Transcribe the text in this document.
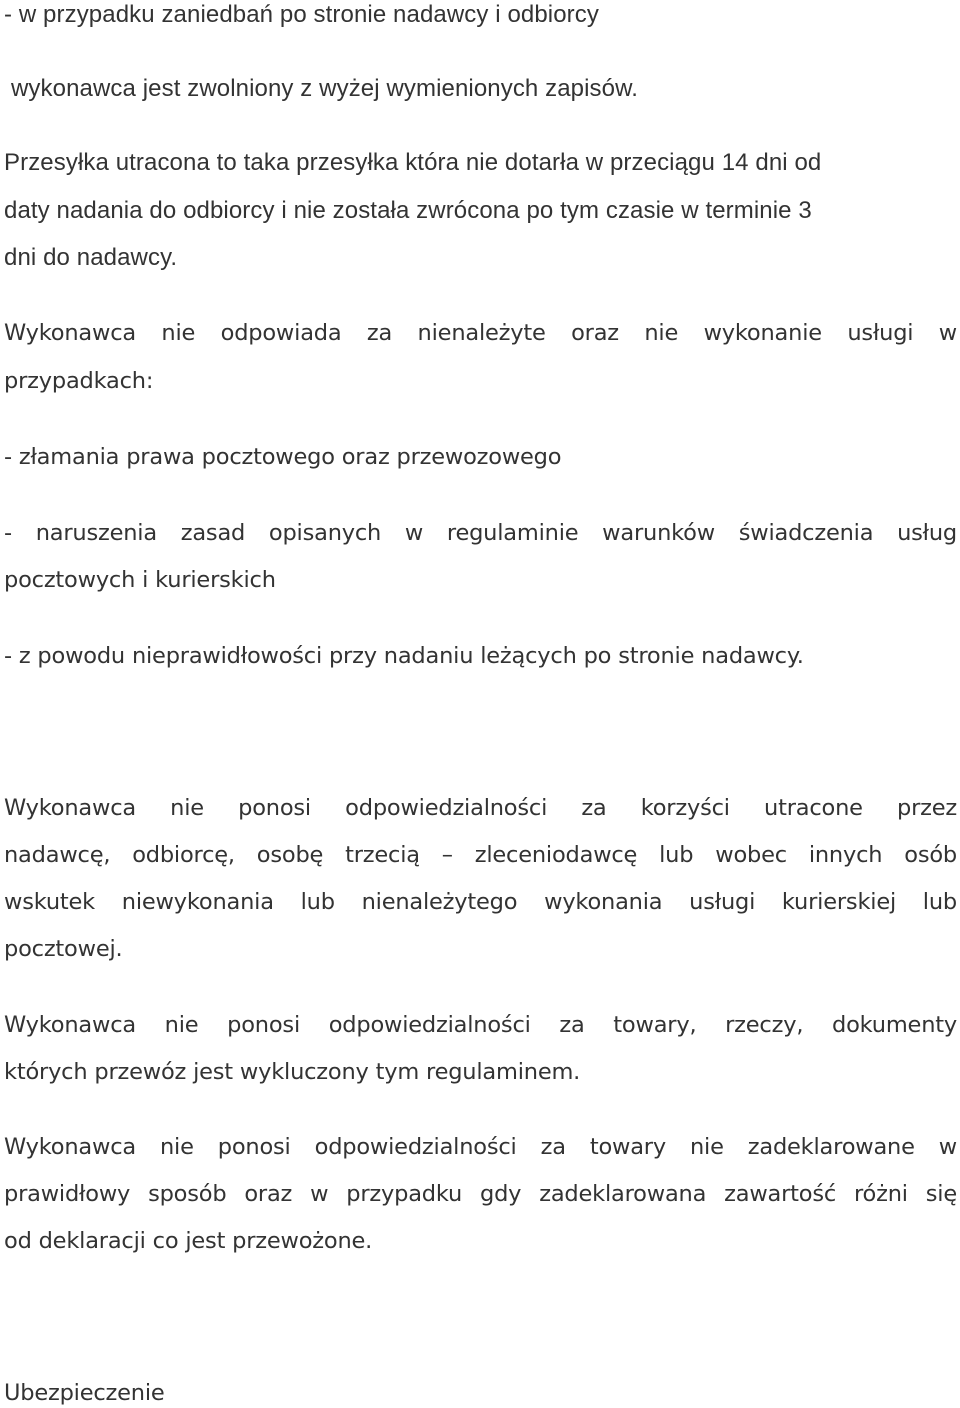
- w przypadku zaniedbań po stronie nadawcy i odbiorcy
wykonawca jest zwolniony z wyżej wymienionych zapisów.
Przesyłka utracona to taka przesyłka która nie dotarła w przeciągu 14 dni od
daty nadania do odbiorcy i nie została zwrócona po tym czasie w terminie 3
dni do nadawcy.
Wykonawca nie odpowiada za nienależyte oraz nie wykonanie usługi w
przypadkach:
- złamania prawa pocztowego oraz przewozowego
- naruszenia zasad opisanych w regulaminie warunków świadczenia usług
pocztowych i kurierskich
- z powodu nieprawidłowości przy nadaniu leżących po stronie nadawcy.
Wykonawca nie ponosi odpowiedzialności za korzyści utracone przez
nadawcę, odbiorcę, osobę trzecią – zleceniodawcę lub wobec innych osób
wskutek niewykonania lub nienależytego wykonania usługi kurierskiej lub
pocztowej.
Wykonawca nie ponosi odpowiedzialności za towary, rzeczy, dokumenty
których przewóz jest wykluczony tym regulaminem.
Wykonawca nie ponosi odpowiedzialności za towary nie zadeklarowane w
prawidłowy sposób oraz w przypadku gdy zadeklarowana zawartość różni się
od deklaracji co jest przewożone.
Ubezpieczenie
